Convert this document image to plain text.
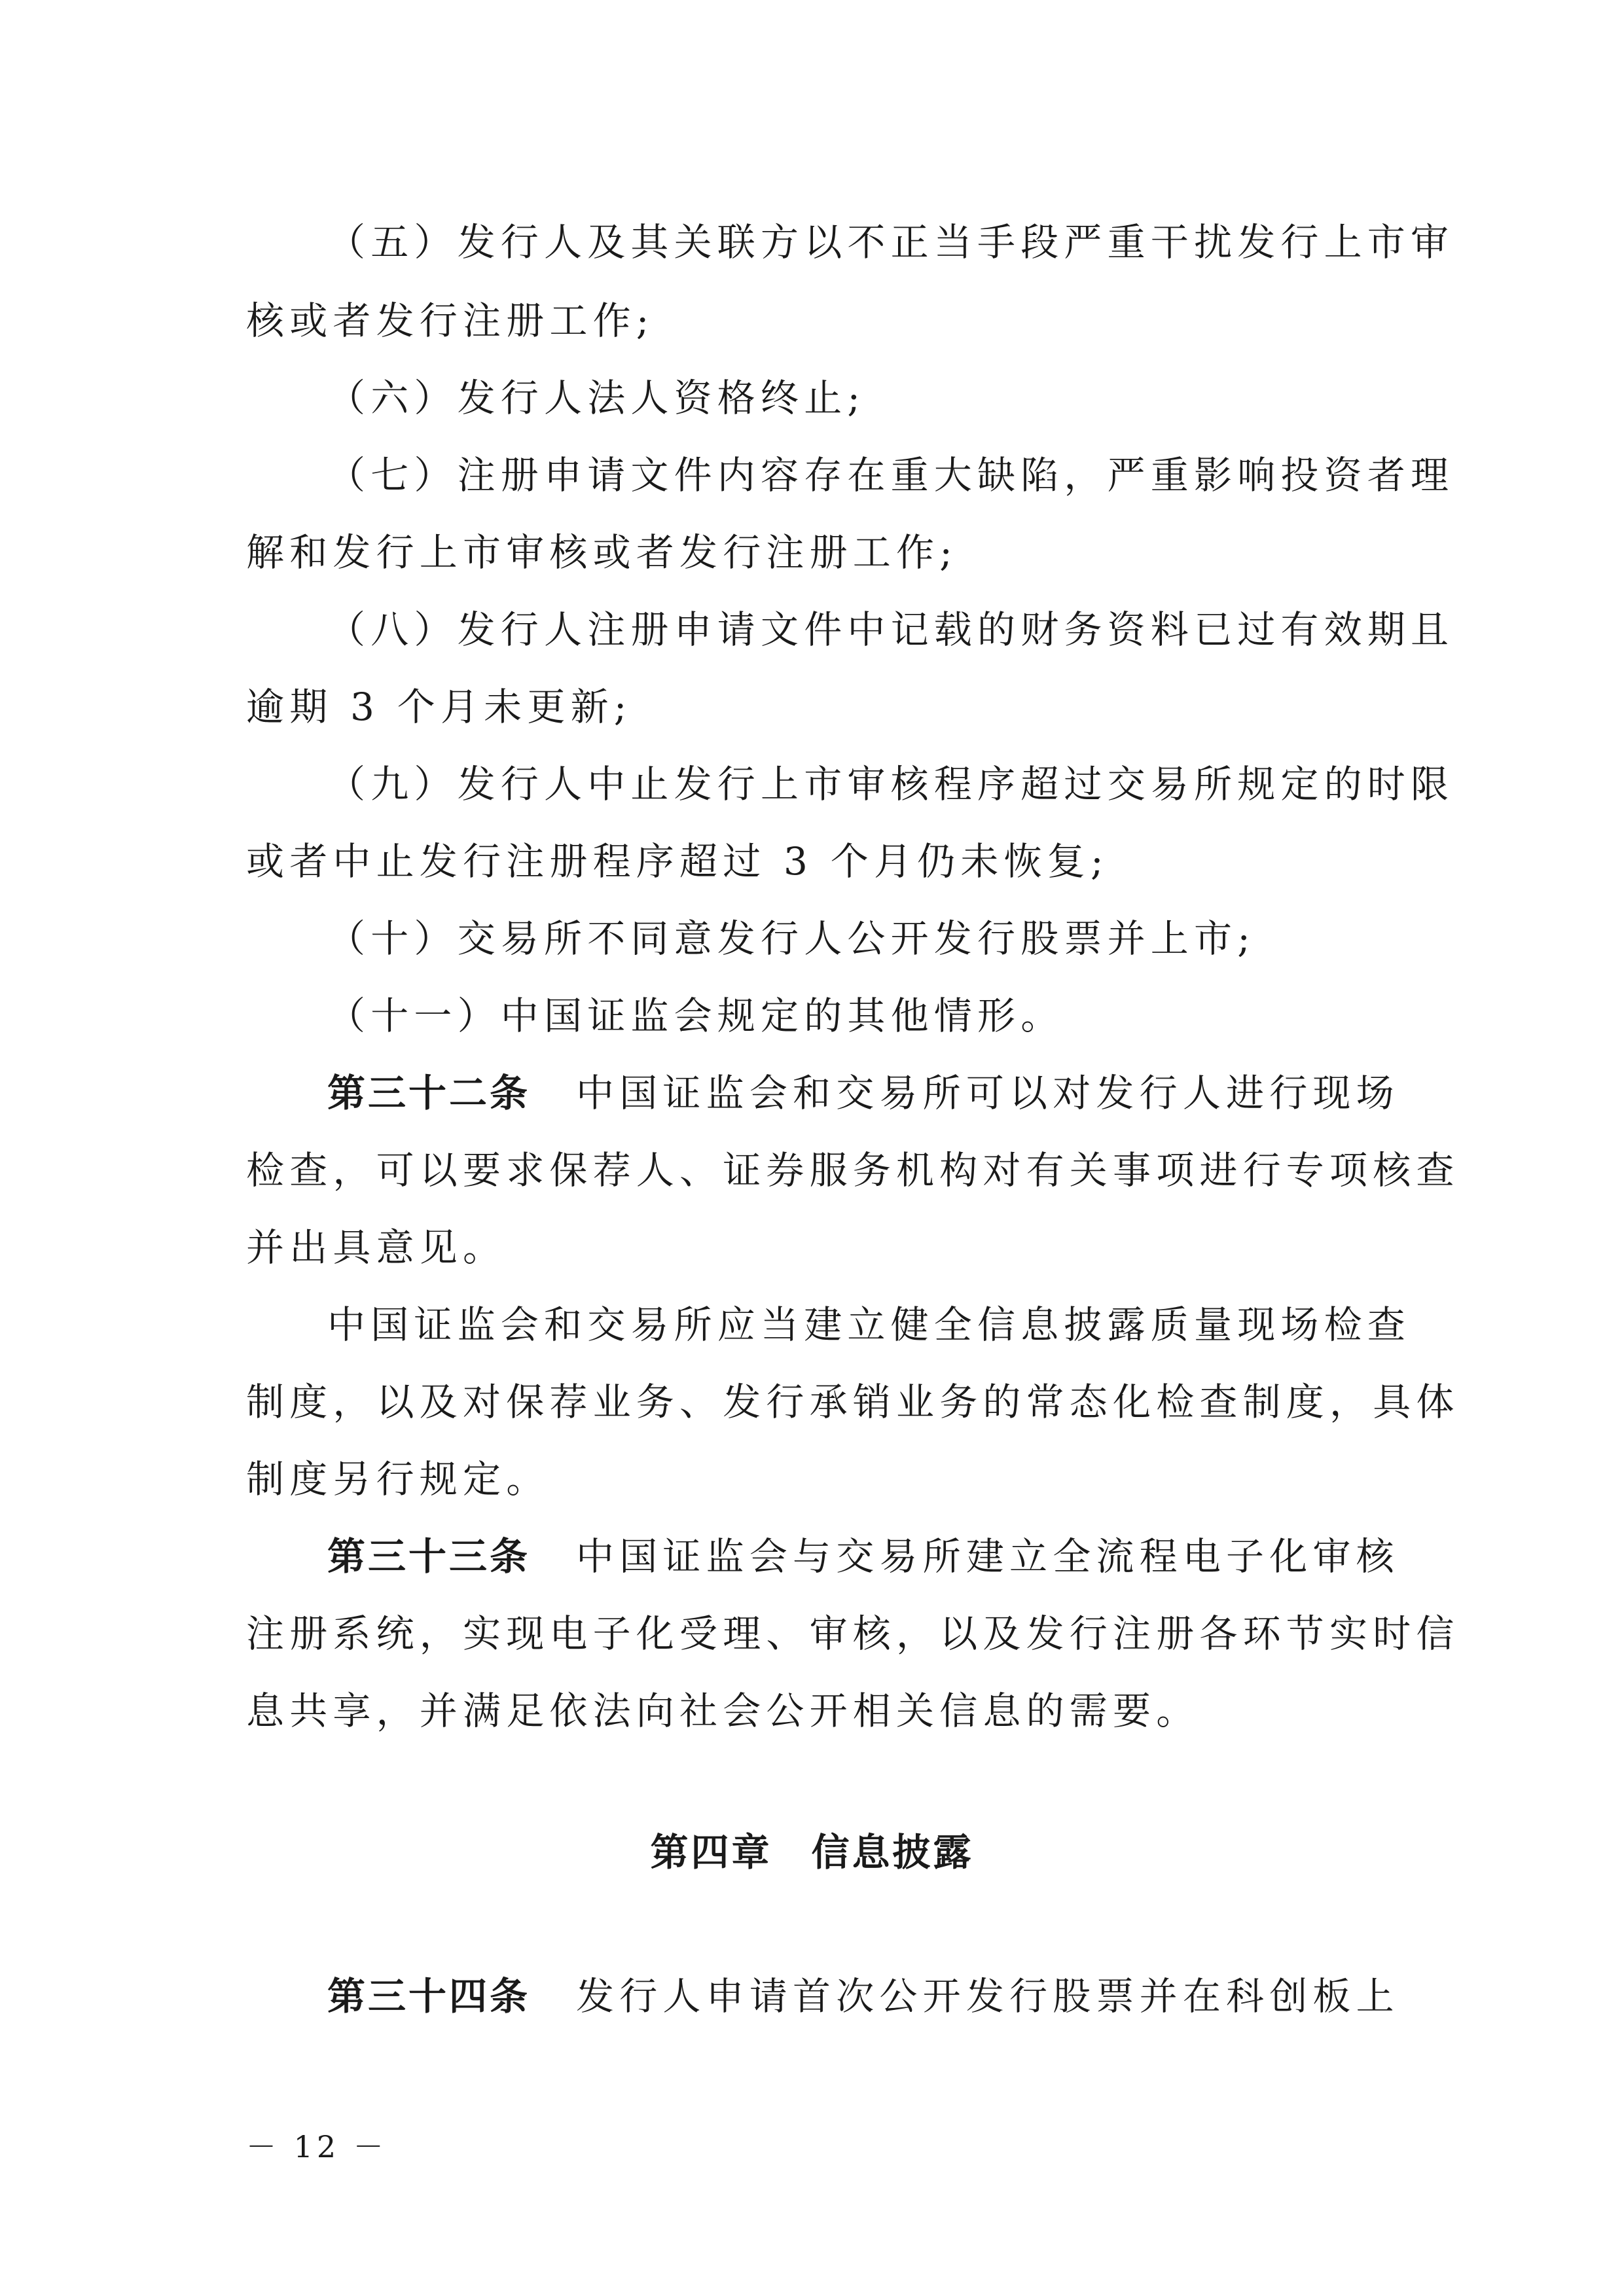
（五）发行人及其关联方以不正当手段严重干扰发行上市审
核或者发行注册工作;
（六）发行人法人资格终止;
（七）注册申请文件内容存在重大缺陷，严重影响投资者理
解和发行上市审核或者发行注册工作;
（八）发行人注册申请文件中记载的财务资料已过有效期且
逾期 3 个月未更新;
（九）发行人中止发行上市审核程序超过交易所规定的时限
或者中止发行注册程序超过 3 个月仍未恢复;
（十）交易所不同意发行人公开发行股票并上市;
（十一）中国证监会规定的其他情形。
第三十二条 中国证监会和交易所可以对发行人进行现场
检查，可以要求保荐人、证券服务机构对有关事项进行专项核查
并出具意见。
中国证监会和交易所应当建立健全信息披露质量现场检查
制度，以及对保荐业务、发行承销业务的常态化检查制度，具体
制度另行规定。
第三十三条 中国证监会与交易所建立全流程电子化审核
注册系统，实现电子化受理、审核，以及发行注册各环节实时信
息共享，并满足依法向社会公开相关信息的需要。
第四章 信息披露
第三十四条 发行人申请首次公开发行股票并在科创板上
－ 12 －
